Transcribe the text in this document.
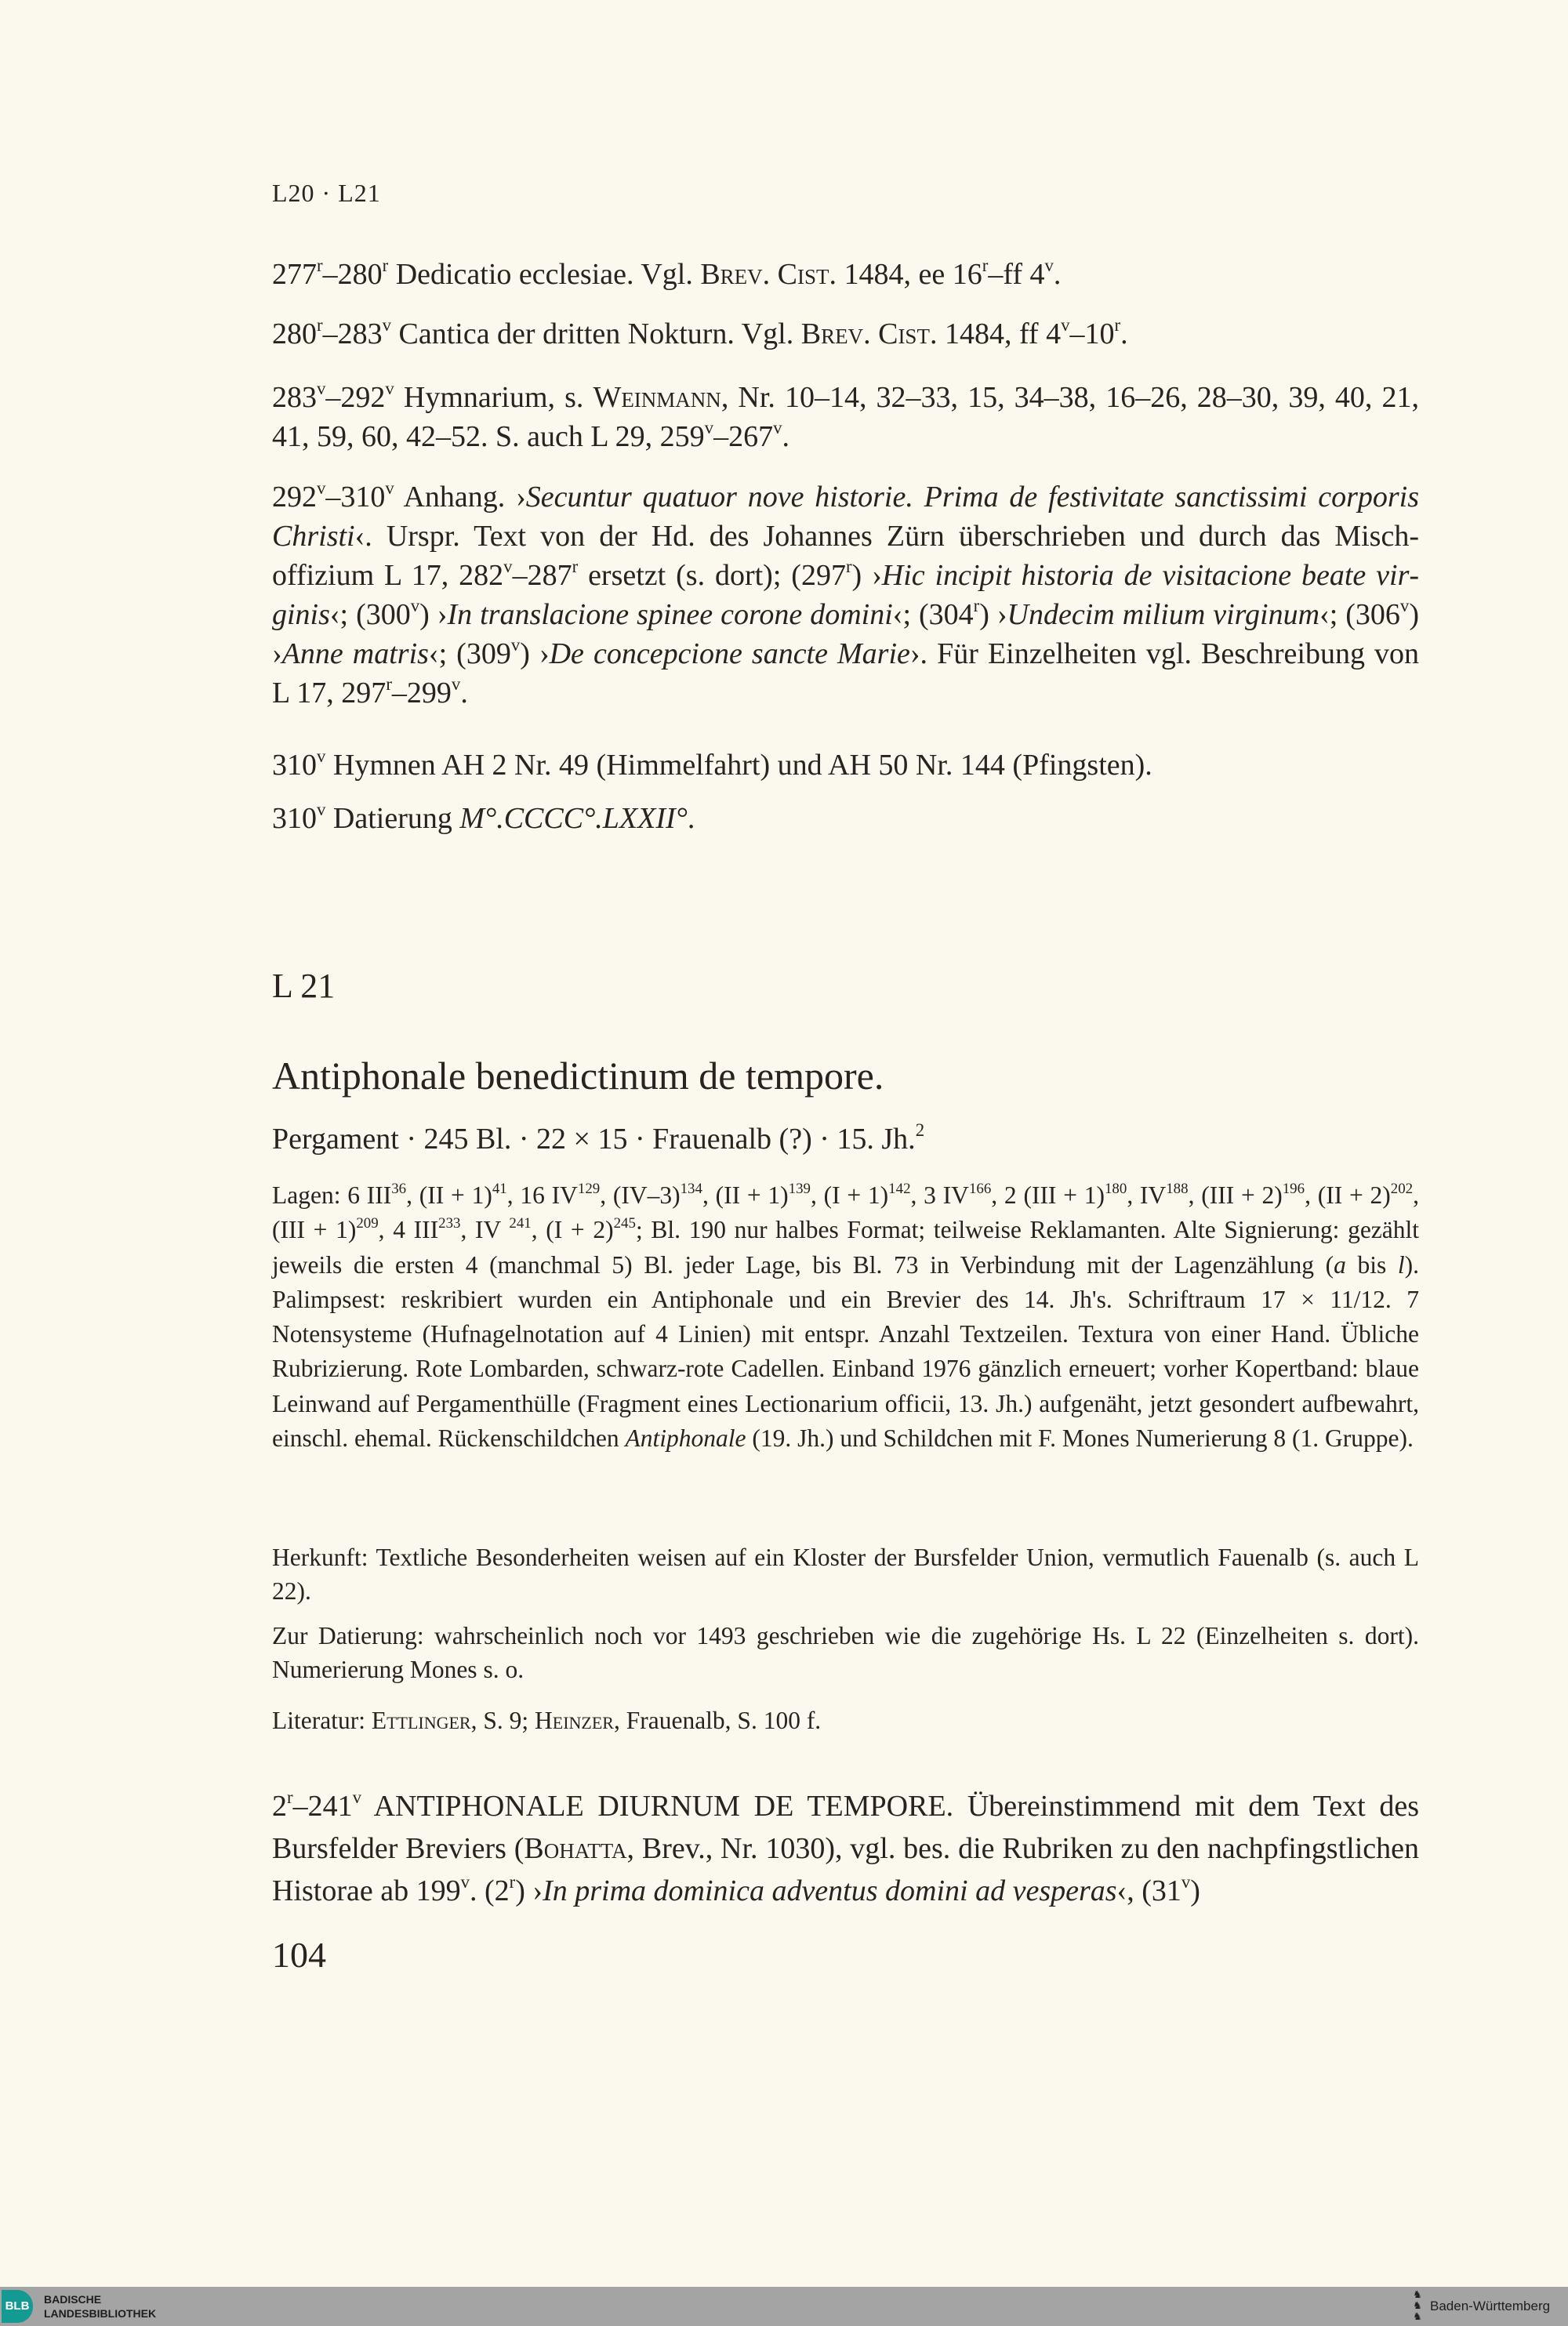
L20 · L21
277$^r$–280$^r$ Dedicatio ecclesiae. Vgl. Brev. Cist. 1484, ee 16$^r$–ff 4$^v$.
280$^r$–283$^v$ Cantica der dritten Nokturn. Vgl. Brev. Cist. 1484, ff 4$^v$–10$^r$.
283$^v$–292$^v$ Hymnarium, s. Weinmann, Nr. 10–14, 32–33, 15, 34–38, 16–26, 28–30, 39, 40, 21, 41, 59, 60, 42–52. S. auch L 29, 259$^v$–267$^v$.
292$^v$–310$^v$ Anhang. ›Secuntur quatuor nove historie. Prima de festivitate sanctissimi corporis Christi‹. Urspr. Text von der Hd. des Johannes Zürn überschrieben und durch das Mischoffizium L 17, 282$^v$–287$^r$ ersetzt (s. dort); (297$^r$) ›Hic incipit historia de visitacione beate virginis‹; (300$^v$) ›In translacione spinee corone domini‹; (304$^r$) ›Undecim milium virginum‹; (306$^v$) ›Anne matris‹; (309$^v$) ›De concepcione sancte Marie›. Für Einzelheiten vgl. Beschreibung von L 17, 297$^r$–299$^v$.
310$^v$ Hymnen AH 2 Nr. 49 (Himmelfahrt) und AH 50 Nr. 144 (Pfingsten).
310$^v$ Datierung M°.CCCC°.LXXII°.
L 21
Antiphonale benedictinum de tempore.
Pergament · 245 Bl. · 22 × 15 · Frauenalb (?) · 15. Jh.$^2$
Lagen: 6 III$^{36}$, (II + 1)$^{41}$, 16 IV$^{129}$, $(IV-3)^{134}$, (II + 1)$^{139}$, $(I + 1)^{142}$, 3 IV$^{166}$, 2 (III + 1)$^{180}$, IV$^{188}$, (III + 2)$^{196}$, (II + 2)$^{202}$, (III + 1)$^{209}$, 4 III$^{233}$, IV $^{241}$, $(I + 2)^{245}$; Bl. 190 nur halbes Format; teilweise Reklamanten. Alte Signierung: gezählt jeweils die ersten 4 (manchmal 5) Bl. jeder Lage, bis Bl. 73 in Verbindung mit der Lagenzählung (a bis l). Palimpsest: reskribiert wurden ein Antiphonale und ein Brevier des 14. Jh's. Schriftraum 17 × 11/12. 7 Notensysteme (Hufnagelnotation auf 4 Linien) mit entspr. Anzahl Textzeilen. Textura von einer Hand. Übliche Rubrizierung. Rote Lombarden, schwarz-rote Cadellen. Einband 1976 gänzlich erneuert; vorher Kopertband: blaue Leinwand auf Pergamenthülle (Fragment eines Lectionarium officii, 13. Jh.) aufgenäht, jetzt gesondert aufbewahrt, einschl. ehemal. Rückenschildchen Antiphonale (19. Jh.) und Schildchen mit F. Mones Numerierung 8 (1. Gruppe).
Herkunft: Textliche Besonderheiten weisen auf ein Kloster der Bursfelder Union, vermutlich Fauenalb (s. auch L 22).
Zur Datierung: wahrscheinlich noch vor 1493 geschrieben wie die zugehörige Hs. L 22 (Einzelheiten s. dort). Numerierung Mones s. o.
Literatur: Ettlinger, S. 9; Heinzer, Frauenalb, S. 100 f.
2$^r$–241$^v$ ANTIPHONALE DIURNUM DE TEMPORE. Übereinstimmend mit dem Text des Bursfelder Breviers (Bohatta, Brev., Nr. 1030), vgl. bes. die Rubriken zu den nachpfingstlichen Historae ab 199$^v$. (2$^r$) ›In prima dominica adventus domini ad vesperas‹, (31$^v$)
104
BLB	BADISCHE
LANDESBIBLIOTHEK
♞
♞
♞
Baden-Württemberg
